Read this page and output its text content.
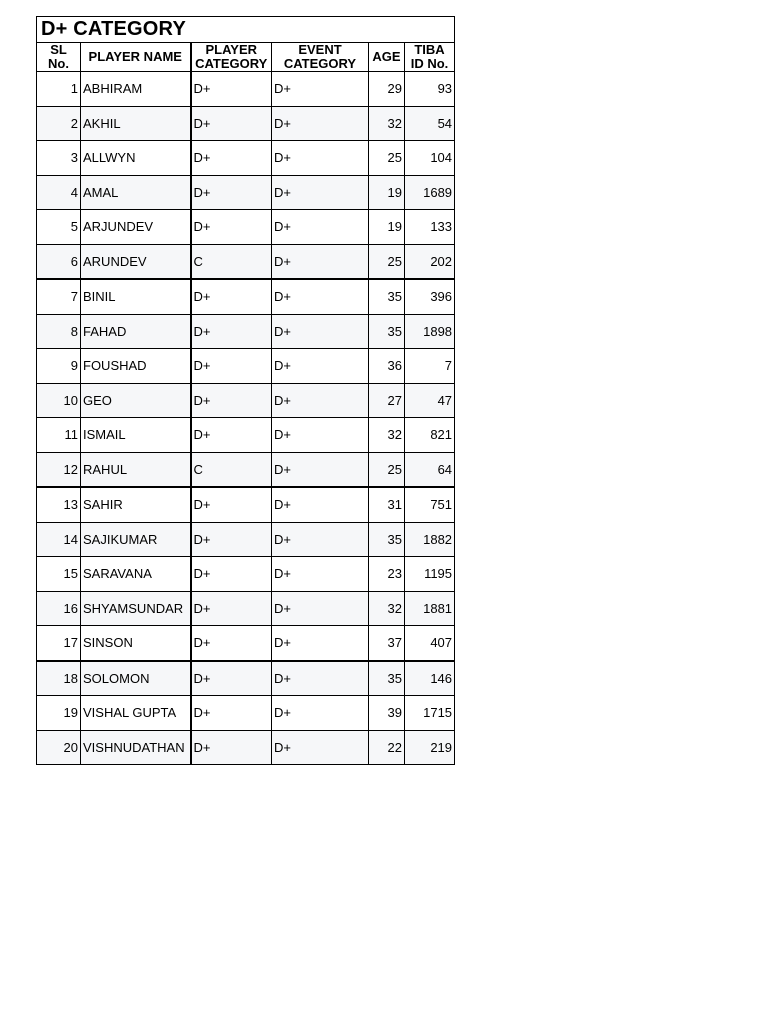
D+ CATEGORY					
SL No.	PLAYER NAME	PLAYER CATEGORY	EVENT CATEGORY	AGE	TIBA ID No.
1	ABHIRAM	D+	D+	29	93
2	AKHIL	D+	D+	32	54
3	ALLWYN	D+	D+	25	104
4	AMAL	D+	D+	19	1689
5	ARJUNDEV	D+	D+	19	133
6	ARUNDEV	C	D+	25	202
7	BINIL	D+	D+	35	396
8	FAHAD	D+	D+	35	1898
9	FOUSHAD	D+	D+	36	7
10	GEO	D+	D+	27	47
11	ISMAIL	D+	D+	32	821
12	RAHUL	C	D+	25	64
13	SAHIR	D+	D+	31	751
14	SAJIKUMAR	D+	D+	35	1882
15	SARAVANA	D+	D+	23	1195
16	SHYAMSUNDAR	D+	D+	32	1881
17	SINSON	D+	D+	37	407
18	SOLOMON	D+	D+	35	146
19	VISHAL GUPTA	D+	D+	39	1715
20	VISHNUDATHAN	D+	D+	22	219
